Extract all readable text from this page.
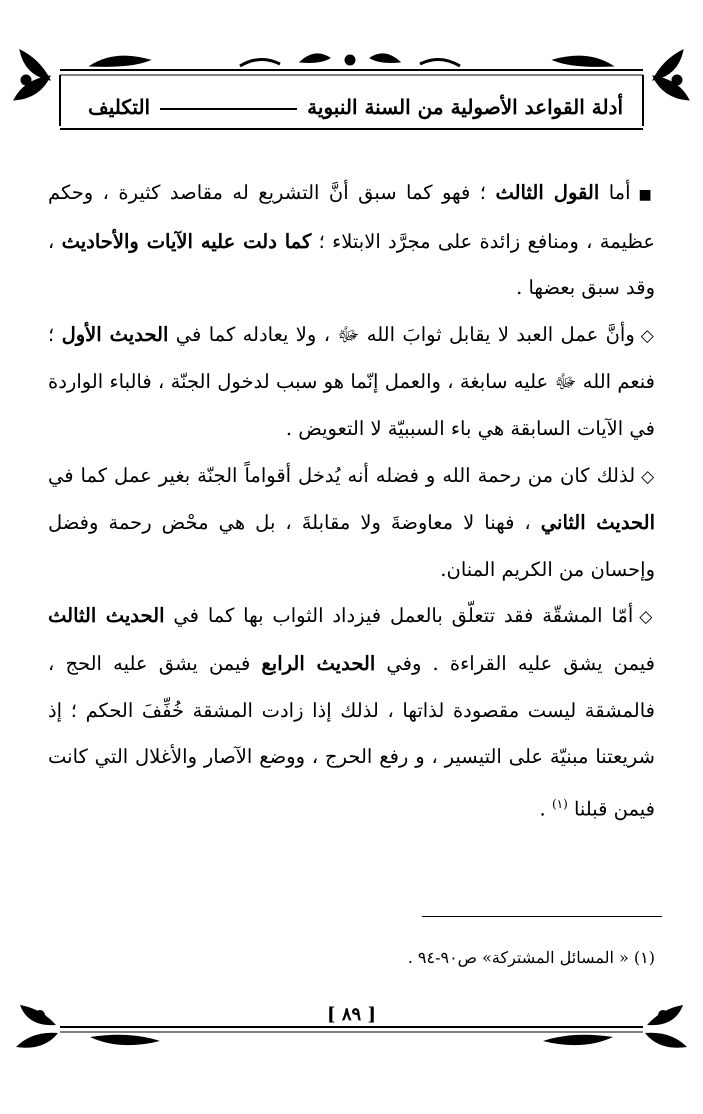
أدلة القواعد الأصولية من السنة النبوية
التكليف

■أما القول الثالث ؛ فهو كما سبق أنَّ التشريع له مقاصد كثيرة ، وحكم عظيمة ، ومنافع زائدة على مجرَّد الابتلاء ؛ كما دلت عليه الآيات والأحاديث ، وقد سبق بعضها .

◇وأنَّ عمل العبد لا يقابل ثوابَ الله ﷻ ، ولا يعادله كما في الحديث الأول ؛ فنعم الله ﷻ عليه سابغة ، والعمل إنّما هو سبب لدخول الجنّة ، فالباء الواردة في الآيات السابقة هي باء السببيّة لا التعويض .

◇لذلك كان من رحمة الله و فضله أنه يُدخل أقواماً الجنّة بغير عمل كما في الحديث الثاني ، فهنا لا معاوضةَ ولا مقابلةَ ، بل هي محْض رحمة وفضل وإحسان من الكريم المنان.

◇أمّا المشقّة فقد تتعلّق بالعمل فيزداد الثواب بها كما في الحديث الثالث فيمن يشق عليه القراءة . وفي الحديث الرابع فيمن يشق عليه الحج ، فالمشقة ليست مقصودة لذاتها ، لذلك إذا زادت المشقة خُفِّفَ الحكم ؛ إذ شريعتنا مبنيّة على التيسير ، و رفع الحرج ، ووضع الآصار والأغلال التي كانت فيمن قبلنا $^{(١)}$ .

(١) « المسائل المشتركة» ص٩٠-٩٤ .
[ ٨٩ ]
